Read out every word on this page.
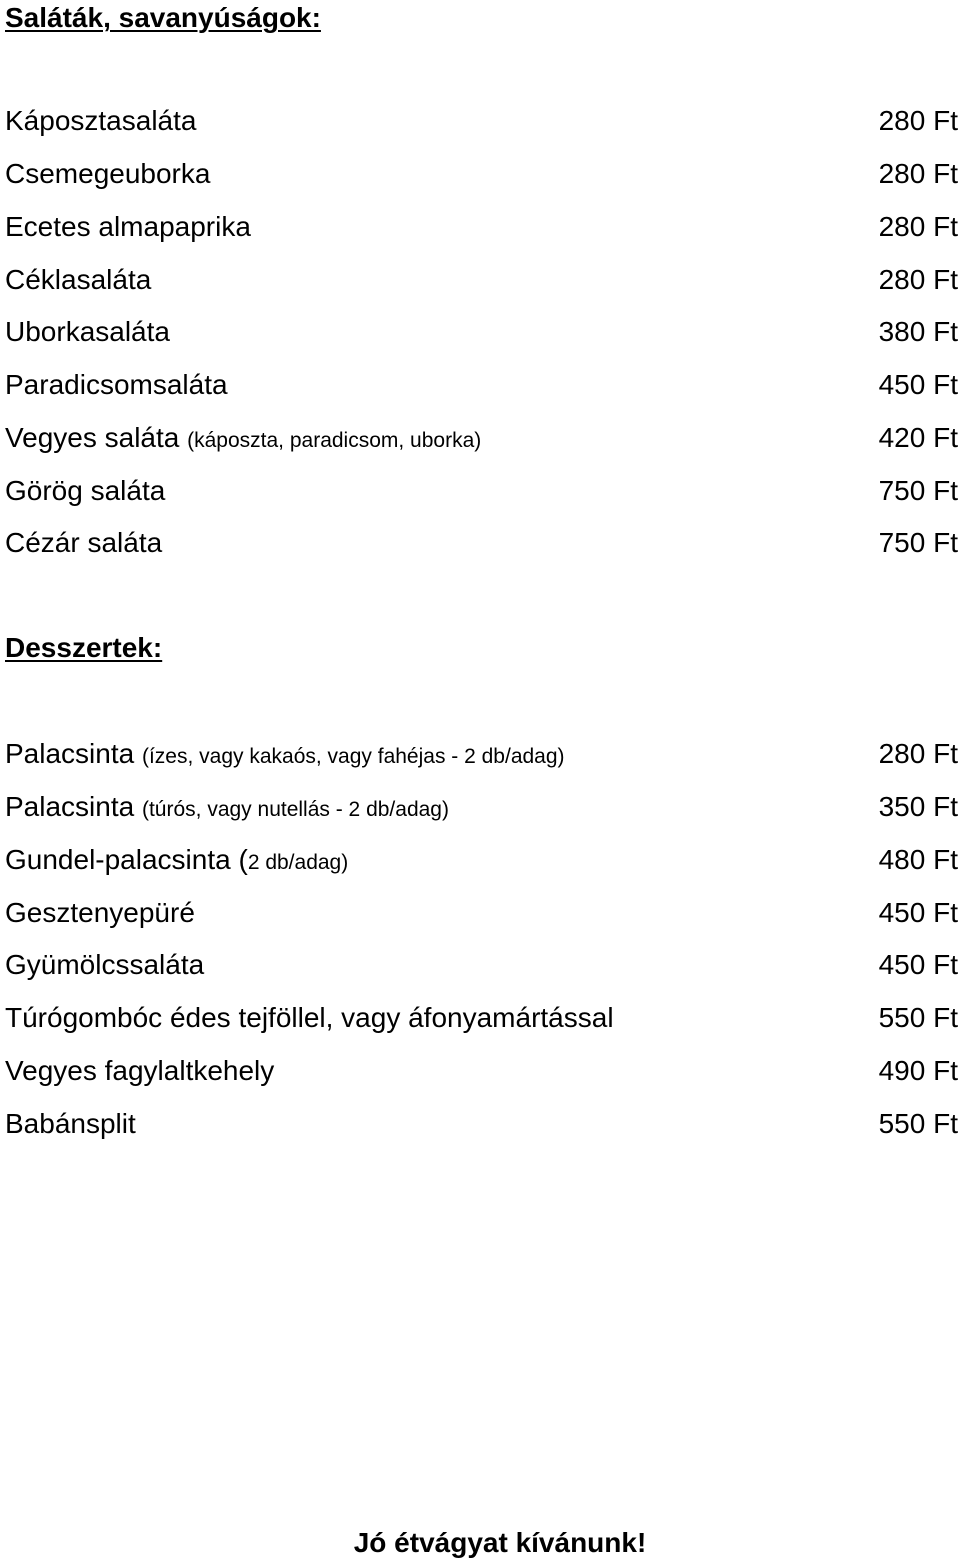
Saláták, savanyúságok:
Káposztasaláta	280 Ft
Csemegeuborka	280 Ft
Ecetes almapaprika	280 Ft
Céklasaláta	280 Ft
Uborkasaláta	380 Ft
Paradicsomsaláta	450 Ft
Vegyes saláta (káposzta, paradicsom, uborka)	420 Ft
Görög saláta	750 Ft
Cézár saláta	750 Ft
Desszertek:
Palacsinta (ízes, vagy kakaós, vagy fahéjas - 2 db/adag)	280 Ft
Palacsinta (túrós, vagy nutellás - 2 db/adag)	350 Ft
Gundel-palacsinta (2 db/adag)	480 Ft
Gesztenyepüré	450 Ft
Gyümölcssaláta	450 Ft
Túrógombóc édes tejföllel, vagy áfonyamártással	550 Ft
Vegyes fagylaltkehely	490 Ft
Babánsplit	550 Ft
Jó étvágyat kívánunk!
